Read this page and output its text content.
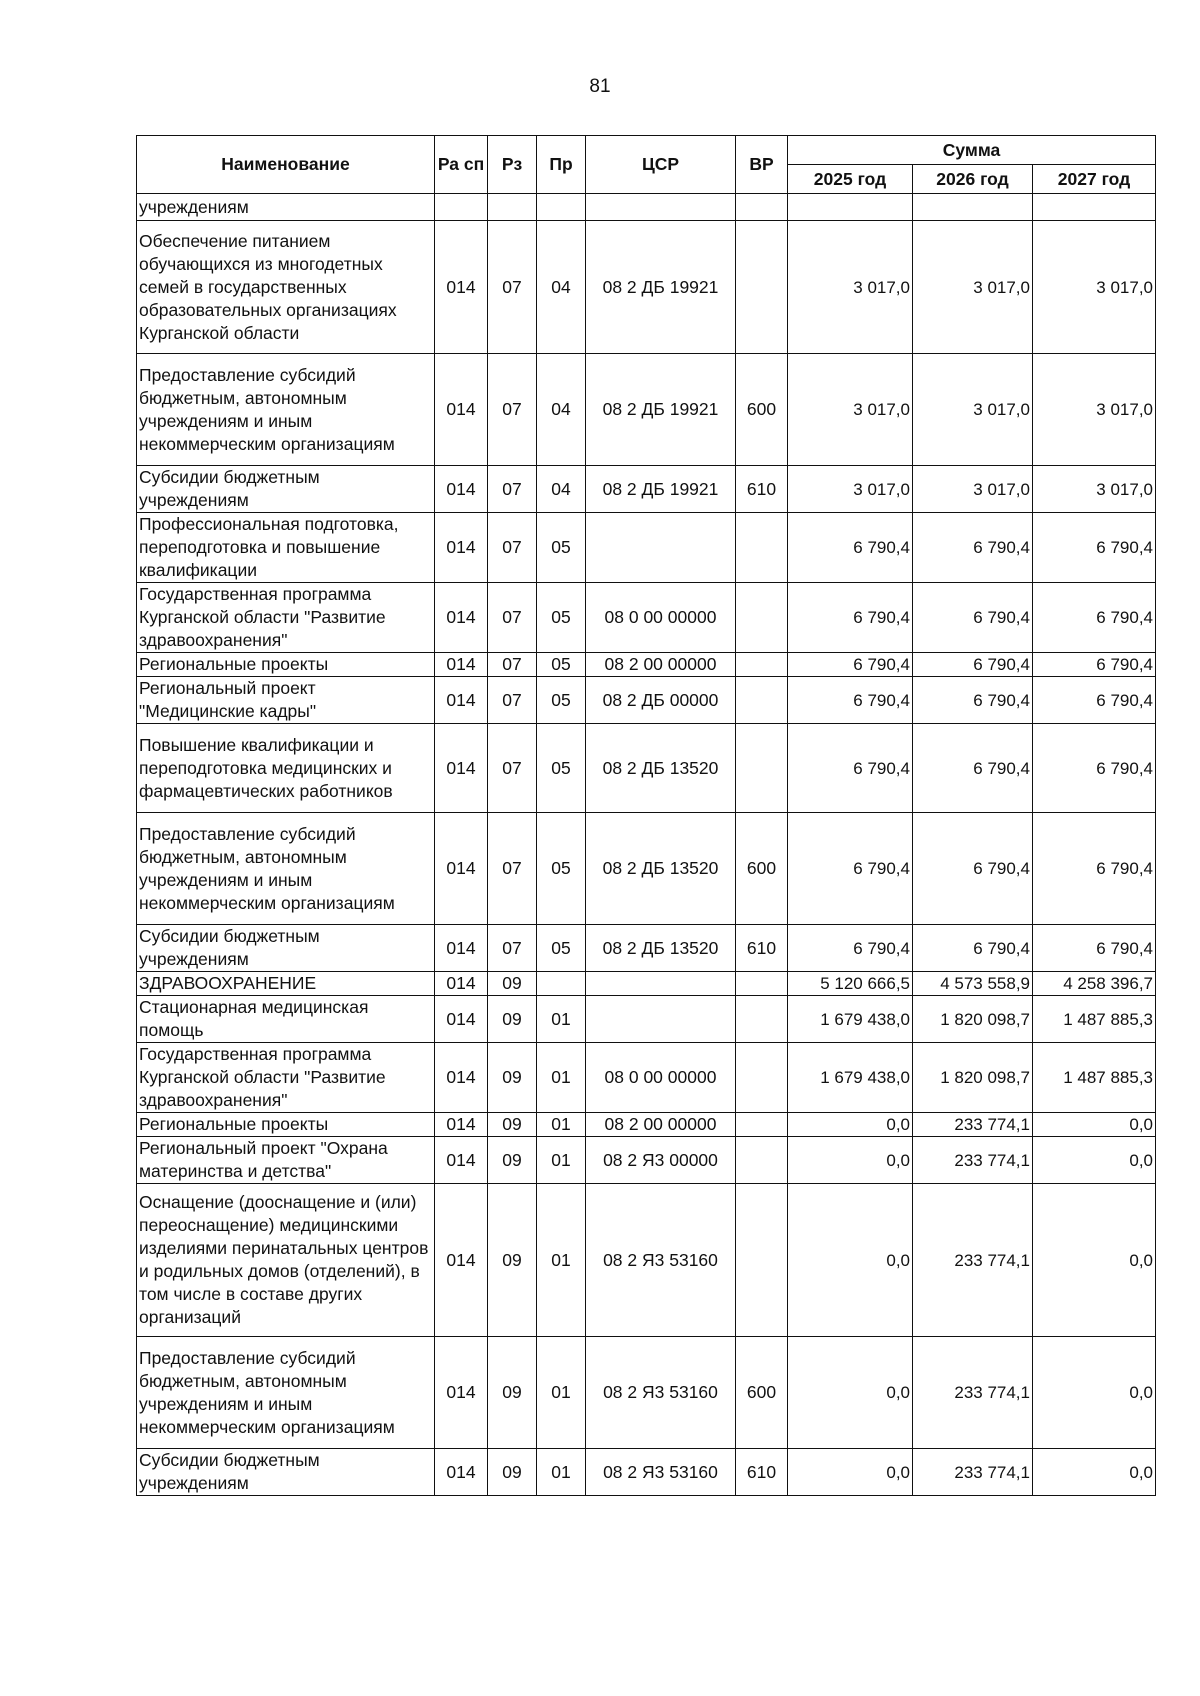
81
Наименование	Ра сп	Рз	Пр	ЦСР	ВР	Сумма		
						2025 год	2026 год	2027 год
учреждениям								
Обеспечение питанием обучающихся из многодетных семей в государственных образовательных организациях Курганской области	014	07	04	08 2 ДБ 19921		3 017,0	3 017,0	3 017,0
Предоставление субсидий бюджетным, автономным учреждениям и иным некоммерческим организациям	014	07	04	08 2 ДБ 19921	600	3 017,0	3 017,0	3 017,0
Субсидии бюджетным учреждениям	014	07	04	08 2 ДБ 19921	610	3 017,0	3 017,0	3 017,0
Профессиональная подготовка, переподготовка и повышение квалификации	014	07	05			6 790,4	6 790,4	6 790,4
Государственная программа Курганской области "Развитие здравоохранения"	014	07	05	08 0 00 00000		6 790,4	6 790,4	6 790,4
Региональные проекты	014	07	05	08 2 00 00000		6 790,4	6 790,4	6 790,4
Региональный проект "Медицинские кадры"	014	07	05	08 2 ДБ 00000		6 790,4	6 790,4	6 790,4
Повышение квалификации и переподготовка медицинских и фармацевтических работников	014	07	05	08 2 ДБ 13520		6 790,4	6 790,4	6 790,4
Предоставление субсидий бюджетным, автономным учреждениям и иным некоммерческим организациям	014	07	05	08 2 ДБ 13520	600	6 790,4	6 790,4	6 790,4
Субсидии бюджетным учреждениям	014	07	05	08 2 ДБ 13520	610	6 790,4	6 790,4	6 790,4
ЗДРАВООХРАНЕНИЕ	014	09				5 120 666,5	4 573 558,9	4 258 396,7
Стационарная медицинская помощь	014	09	01			1 679 438,0	1 820 098,7	1 487 885,3
Государственная программа Курганской области "Развитие здравоохранения"	014	09	01	08 0 00 00000		1 679 438,0	1 820 098,7	1 487 885,3
Региональные проекты	014	09	01	08 2 00 00000		0,0	233 774,1	0,0
Региональный проект "Охрана материнства и детства"	014	09	01	08 2 Я3 00000		0,0	233 774,1	0,0
Оснащение (дооснащение и (или) переоснащение) медицинскими изделиями перинатальных центров и родильных домов (отделений), в том числе в составе других организаций	014	09	01	08 2 Я3 53160		0,0	233 774,1	0,0
Предоставление субсидий бюджетным, автономным учреждениям и иным некоммерческим организациям	014	09	01	08 2 Я3 53160	600	0,0	233 774,1	0,0
Субсидии бюджетным учреждениям	014	09	01	08 2 Я3 53160	610	0,0	233 774,1	0,0
